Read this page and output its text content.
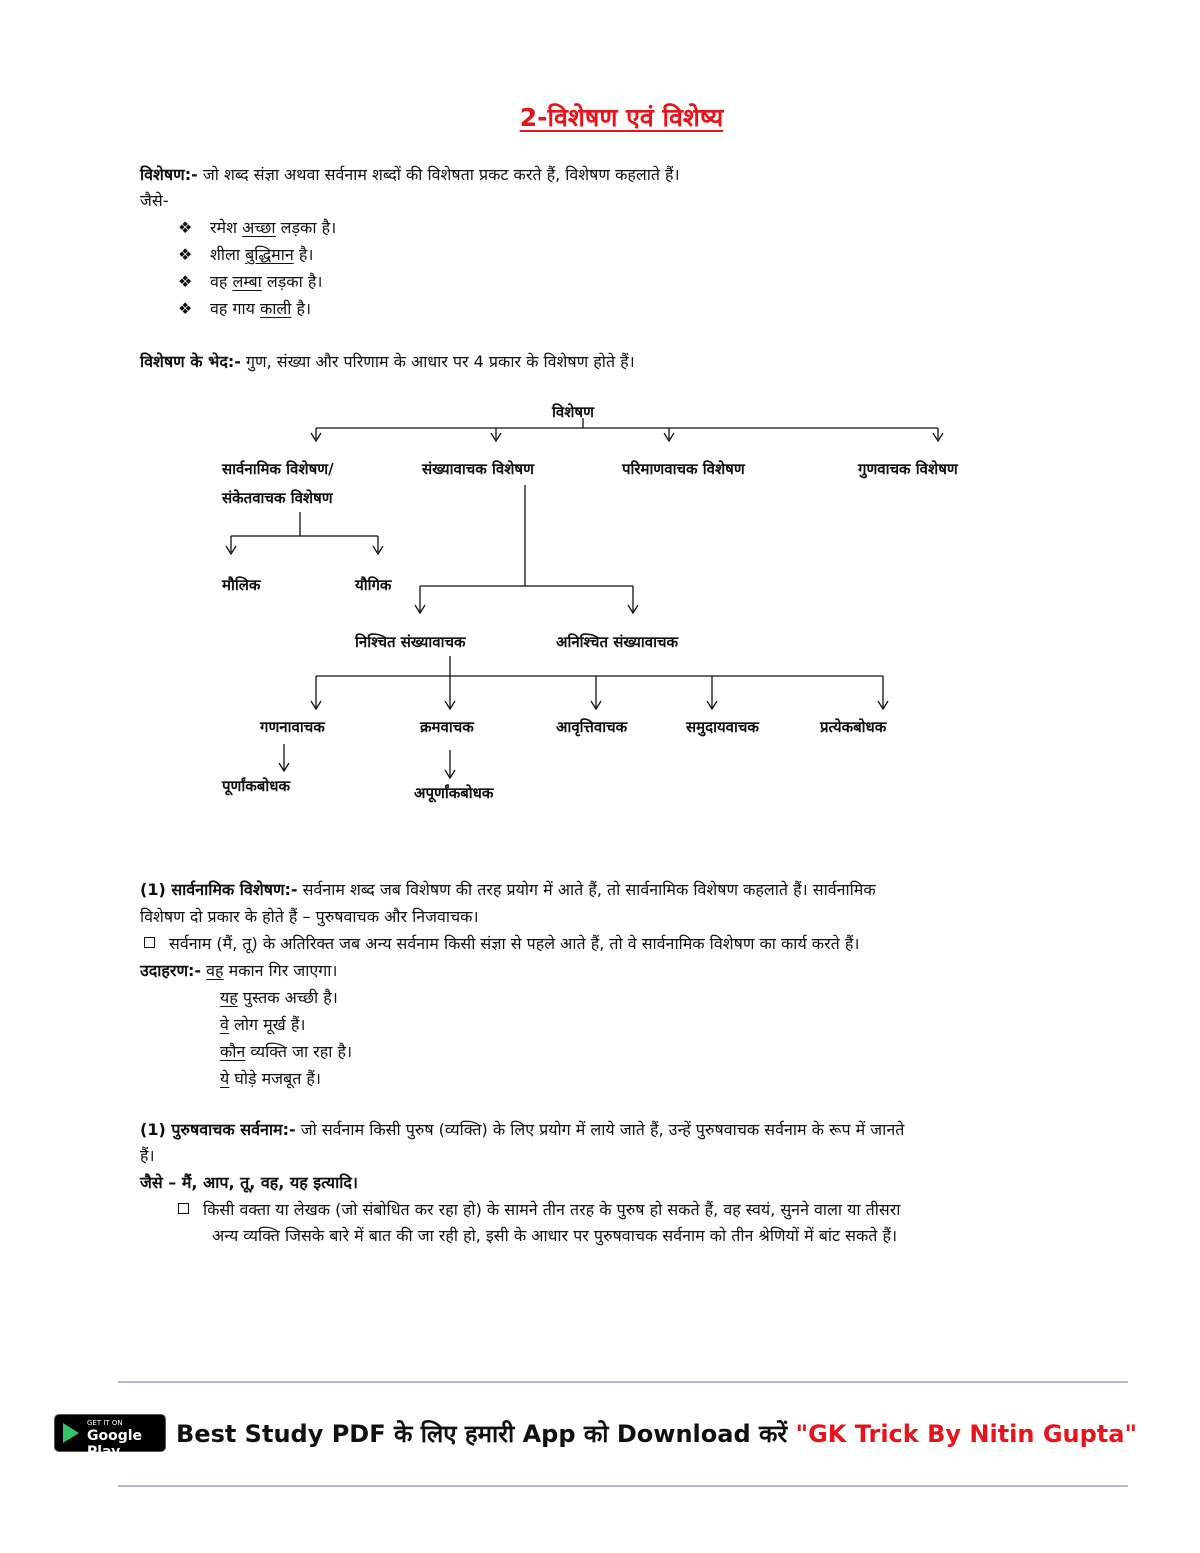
2-विशेषण एवं विशेष्य
विशेषण:- जो शब्द संज्ञा अथवा सर्वनाम शब्दों की विशेषता प्रकट करते हैं, विशेषण कहलाते हैं।
जैसे-
❖ रमेश अच्छा लड़का है।
❖ शीला बुद्धिमान है।
❖ वह लम्बा लड़का है।
❖ वह गाय काली है।
विशेषण के भेद:- गुण, संख्या और परिणाम के आधार पर 4 प्रकार के विशेषण होते हैं।
विशेषण
सार्वनामिक विशेषण/
संकेतवाचक विशेषण
संख्यावाचक विशेषण	परिमाणवाचक विशेषण	गुणवाचक विशेषण
मौलिक	यौगिक
निश्चित संख्यावाचक	अनिश्चित संख्यावाचक
गणनावाचक	क्रमवाचक	आवृत्तिवाचक	समुदायवाचक	प्रत्येकबोधक
पूर्णांकबोधक	अपूर्णांकबोधक
(1) सार्वनामिक विशेषण:- सर्वनाम शब्द जब विशेषण की तरह प्रयोग में आते हैं, तो सार्वनामिक विशेषण कहलाते हैं। सार्वनामिक
विशेषण दो प्रकार के होते हैं – पुरुषवाचक और निजवाचक।
सर्वनाम (मैं, तू) के अतिरिक्त जब अन्य सर्वनाम किसी संज्ञा से पहले आते हैं, तो वे सार्वनामिक विशेषण का कार्य करते हैं।
उदाहरण:- वह मकान गिर जाएगा।
यह पुस्तक अच्छी है।
वे लोग मूर्ख हैं।
कौन व्यक्ति जा रहा है।
ये घोड़े मजबूत हैं।
(1) पुरुषवाचक सर्वनाम:- जो सर्वनाम किसी पुरुष (व्यक्ति) के लिए प्रयोग में लाये जाते हैं, उन्हें पुरुषवाचक सर्वनाम के रूप में जानते
हैं।
जैसे – मैं, आप, तू, वह, यह इत्यादि।
किसी वक्ता या लेखक (जो संबोधित कर रहा हो) के सामने तीन तरह के पुरुष हो सकते हैं, वह स्वयं, सुनने वाला या तीसरा
अन्य व्यक्ति जिसके बारे में बात की जा रही हो, इसी के आधार पर पुरुषवाचक सर्वनाम को तीन श्रेणियों में बांट सकते हैं।
GET IT ON
Google Play
Best Study PDF के लिए हमारी App को Download करें "GK Trick By Nitin Gupta"
